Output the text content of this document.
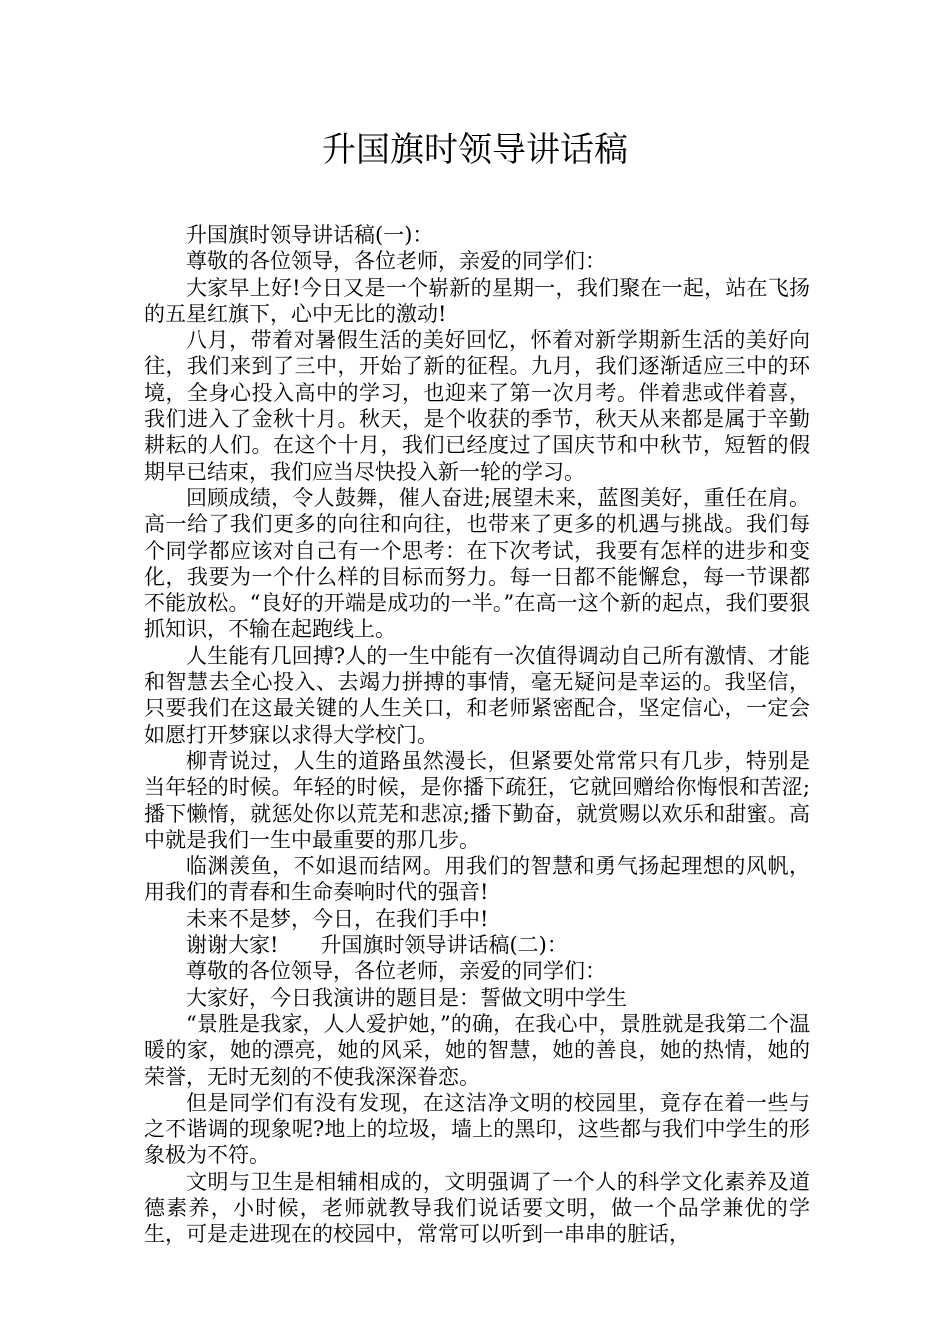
升国旗时领导讲话稿

升国旗时领导讲话稿(一)：

尊敬的各位领导，各位老师，亲爱的同学们：

大家早上好!今日又是一个崭新的星期一，我们聚在一起，站在飞扬的五星红旗下，心中无比的激动!

八月，带着对暑假生活的美好回忆，怀着对新学期新生活的美好向往，我们来到了三中，开始了新的征程。九月，我们逐渐适应三中的环境，全身心投入高中的学习，也迎来了第一次月考。伴着悲或伴着喜，我们进入了金秋十月。秋天，是个收获的季节，秋天从来都是属于辛勤耕耘的人们。在这个十月，我们已经度过了国庆节和中秋节，短暂的假期早已结束，我们应当尽快投入新一轮的学习。

回顾成绩，令人鼓舞，催人奋进;展望未来，蓝图美好，重任在肩。高一给了我们更多的向往和向往，也带来了更多的机遇与挑战。我们每个同学都应该对自己有一个思考：在下次考试，我要有怎样的进步和变化，我要为一个什么样的目标而努力。每一日都不能懈怠，每一节课都不能放松。“良好的开端是成功的一半。”在高一这个新的起点，我们要狠抓知识，不输在起跑线上。

人生能有几回搏?人的一生中能有一次值得调动自己所有激情、才能和智慧去全心投入、去竭力拼搏的事情，毫无疑问是幸运的。我坚信，只要我们在这最关键的人生关口，和老师紧密配合，坚定信心，一定会如愿打开梦寐以求得大学校门。

柳青说过，人生的道路虽然漫长，但紧要处常常只有几步，特别是当年轻的时候。年轻的时候，是你播下疏狂，它就回赠给你悔恨和苦涩;播下懒惰，就惩处你以荒芜和悲凉;播下勤奋，就赏赐以欢乐和甜蜜。高中就是我们一生中最重要的那几步。

临渊羡鱼，不如退而结网。用我们的智慧和勇气扬起理想的风帆，用我们的青春和生命奏响时代的强音!

未来不是梦，今日，在我们手中!

谢谢大家!　　升国旗时领导讲话稿(二)：

尊敬的各位领导，各位老师，亲爱的同学们：

大家好，今日我演讲的题目是：誓做文明中学生

“景胜是我家，人人爱护她，”的确，在我心中，景胜就是我第二个温暖的家，她的漂亮，她的风采，她的智慧，她的善良，她的热情，她的荣誉，无时无刻的不使我深深眷恋。

但是同学们有没有发现，在这洁净文明的校园里，竟存在着一些与之不谐调的现象呢?地上的垃圾，墙上的黑印，这些都与我们中学生的形象极为不符。

文明与卫生是相辅相成的，文明强调了一个人的科学文化素养及道德素养，小时候，老师就教导我们说话要文明，做一个品学兼优的学生，可是走进现在的校园中，常常可以听到一串串的脏话，
